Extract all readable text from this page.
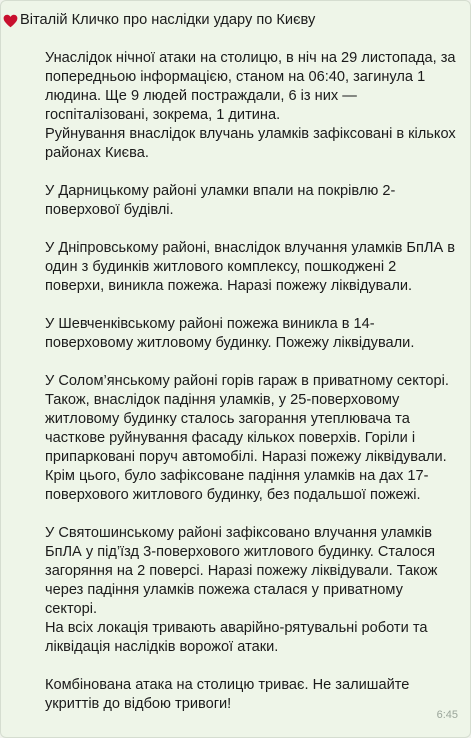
Віталій Кличко про наслідки удару по Києву

Унаслідок нічної атаки на столицю, в ніч на 29 листопада, за попередньою інформацією, станом на 06:40, загинула 1 людина. Ще 9 людей постраждали, 6 із них — госпіталізовані, зокрема, 1 дитина.

Руйнування внаслідок влучань уламків зафіксовані в кількох районах Києва.

У Дарницькому районі уламки впали на покрівлю 2-поверхової будівлі.

У Дніпровському районі, внаслідок влучання уламків БпЛА в один з будинків житлового комплексу, пошкоджені 2 поверхи, виникла пожежа. Наразі пожежу ліквідували.

У Шевченківському районі пожежа виникла в 14-поверховому житловому будинку. Пожежу ліквідували.

У Солом’янському районі горів гараж в приватному секторі. Також, внаслідок падіння уламків, у 25-поверховому житловому будинку сталось загорання утеплювача та часткове руйнування фасаду кількох поверхів. Горіли і припарковані поруч автомобілі. Наразі пожежу ліквідували.

Крім цього, було зафіксоване падіння уламків на дах 17-поверхового житлового будинку, без подальшої пожежі.

У Святошинському районі зафіксовано влучання уламків БпЛА у під’їзд 3-поверхового житлового будинку. Сталося загоряння на 2 поверсі. Наразі пожежу ліквідували. Також через падіння уламків пожежа сталася у приватному секторі.

На всіх локація тривають аварійно-рятувальні роботи та ліквідація наслідків ворожої атаки.

Комбінована атака на столицю триває. Не залишайте укриттів до відбою тривоги!

6:45
